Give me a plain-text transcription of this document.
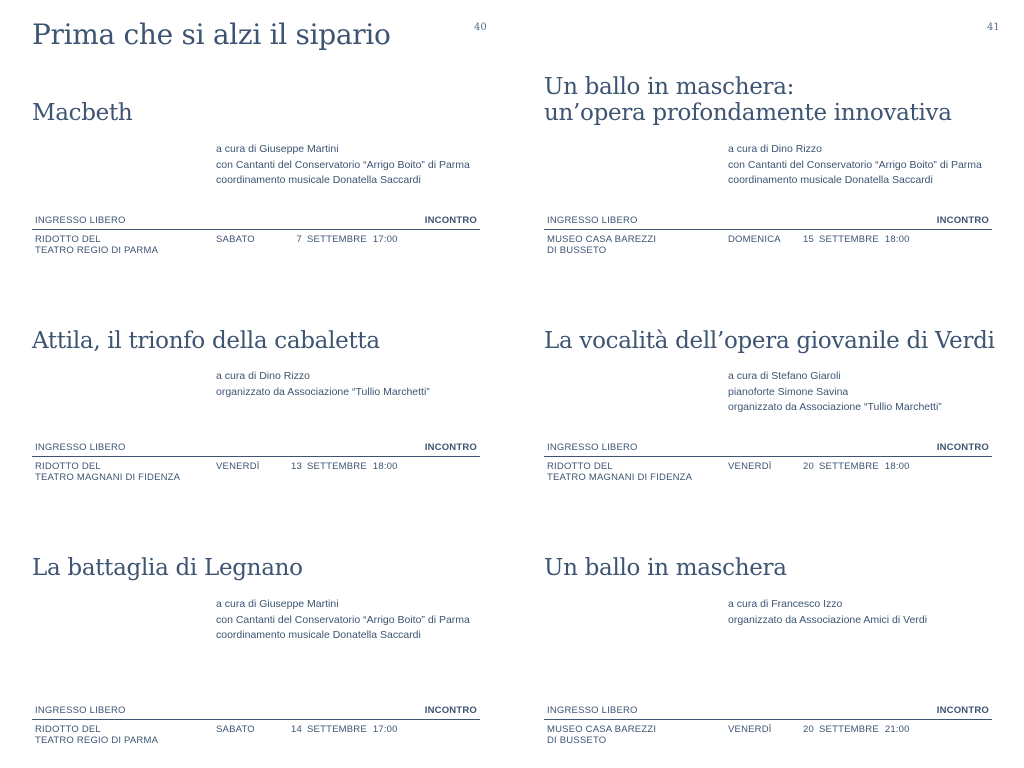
Prima che si alzi il sipario	40
Macbeth
a cura di Giuseppe Martini
con Cantanti del Conservatorio “Arrigo Boito” di Parma
coordinamento musicale Donatella Saccardi
INGRESSO LIBERO	INCONTRO
RIDOTTO DEL
TEATRO REGIO DI PARMA
SABATO	7 SETTEMBRE 17:00
Attila, il trionfo della cabaletta
a cura di Dino Rizzo
organizzato da Associazione “Tullio Marchetti”
INGRESSO LIBERO	INCONTRO
RIDOTTO DEL
TEATRO MAGNANI DI FIDENZA
VENERDÌ	13 SETTEMBRE 18:00
La battaglia di Legnano
a cura di Giuseppe Martini
con Cantanti del Conservatorio “Arrigo Boito” di Parma
coordinamento musicale Donatella Saccardi
INGRESSO LIBERO	INCONTRO
RIDOTTO DEL
TEATRO REGIO DI PARMA
SABATO	14 SETTEMBRE 17:00
41
Un ballo in maschera:
un’opera profondamente innovativa
a cura di Dino Rizzo
con Cantanti del Conservatorio “Arrigo Boito” di Parma
coordinamento musicale Donatella Saccardi
INGRESSO LIBERO	INCONTRO
MUSEO CASA BAREZZI
DI BUSSETO
DOMENICA 15 SETTEMBRE 18:00
La vocalità dell’opera giovanile di Verdi
a cura di Stefano Giaroli
pianoforte Simone Savina
organizzato da Associazione “Tullio Marchetti”
INGRESSO LIBERO	INCONTRO
RIDOTTO DEL
TEATRO MAGNANI DI FIDENZA
VENERDÌ	20 SETTEMBRE 18:00
Un ballo in maschera
a cura di Francesco Izzo
organizzato da Associazione Amici di Verdi
INGRESSO LIBERO	INCONTRO
MUSEO CASA BAREZZI
DI BUSSETO
VENERDÌ	20 SETTEMBRE 21:00
